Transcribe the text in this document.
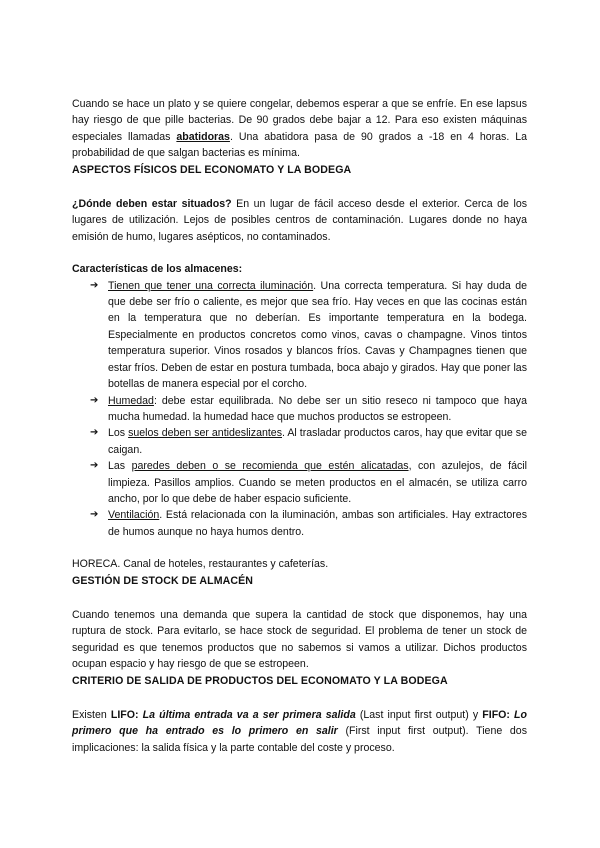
Cuando se hace un plato y se quiere congelar, debemos esperar a que se enfríe. En ese lapsus hay riesgo de que pille bacterias. De 90 grados debe bajar a 12. Para eso existen máquinas especiales llamadas abatidoras. Una abatidora pasa de 90 grados a -18 en 4 horas. La probabilidad de que salgan bacterias es mínima.

ASPECTOS FÍSICOS DEL ECONOMATO Y LA BODEGA

¿Dónde deben estar situados? En un lugar de fácil acceso desde el exterior. Cerca de los lugares de utilización. Lejos de posibles centros de contaminación. Lugares donde no haya emisión de humo, lugares asépticos, no contaminados.

Características de los almacenes:

➔ Tienen que tener una correcta iluminación. Una correcta temperatura. Si hay duda de que debe ser frío o caliente, es mejor que sea frío. Hay veces en que las cocinas están en la temperatura que no deberían. Es importante temperatura en la bodega. Especialmente en productos concretos como vinos, cavas o champagne. Vinos tintos temperatura superior. Vinos rosados y blancos fríos. Cavas y Champagnes tienen que estar fríos. Deben de estar en postura tumbada, boca abajo y girados. Hay que poner las botellas de manera especial por el corcho.
➔ Humedad: debe estar equilibrada. No debe ser un sitio reseco ni tampoco que haya mucha humedad. la humedad hace que muchos productos se estropeen.
➔ Los suelos deben ser antideslizantes. Al trasladar productos caros, hay que evitar que se caigan.
➔ Las paredes deben o se recomienda que estén alicatadas, con azulejos, de fácil limpieza. Pasillos amplios. Cuando se meten productos en el almacén, se utiliza carro ancho, por lo que debe de haber espacio suficiente.
➔ Ventilación. Está relacionada con la iluminación, ambas son artificiales. Hay extractores de humos aunque no haya humos dentro.

HORECA. Canal de hoteles, restaurantes y cafeterías.

GESTIÓN DE STOCK DE ALMACÉN

Cuando tenemos una demanda que supera la cantidad de stock que disponemos, hay una ruptura de stock. Para evitarlo, se hace stock de seguridad. El problema de tener un stock de seguridad es que tenemos productos que no sabemos si vamos a utilizar. Dichos productos ocupan espacio y hay riesgo de que se estropeen.

CRITERIO DE SALIDA DE PRODUCTOS DEL ECONOMATO Y LA BODEGA

Existen LIFO: La última entrada va a ser primera salida (Last input first output) y FIFO: Lo primero que ha entrado es lo primero en salir (First input first output). Tiene dos implicaciones: la salida física y la parte contable del coste y proceso.
